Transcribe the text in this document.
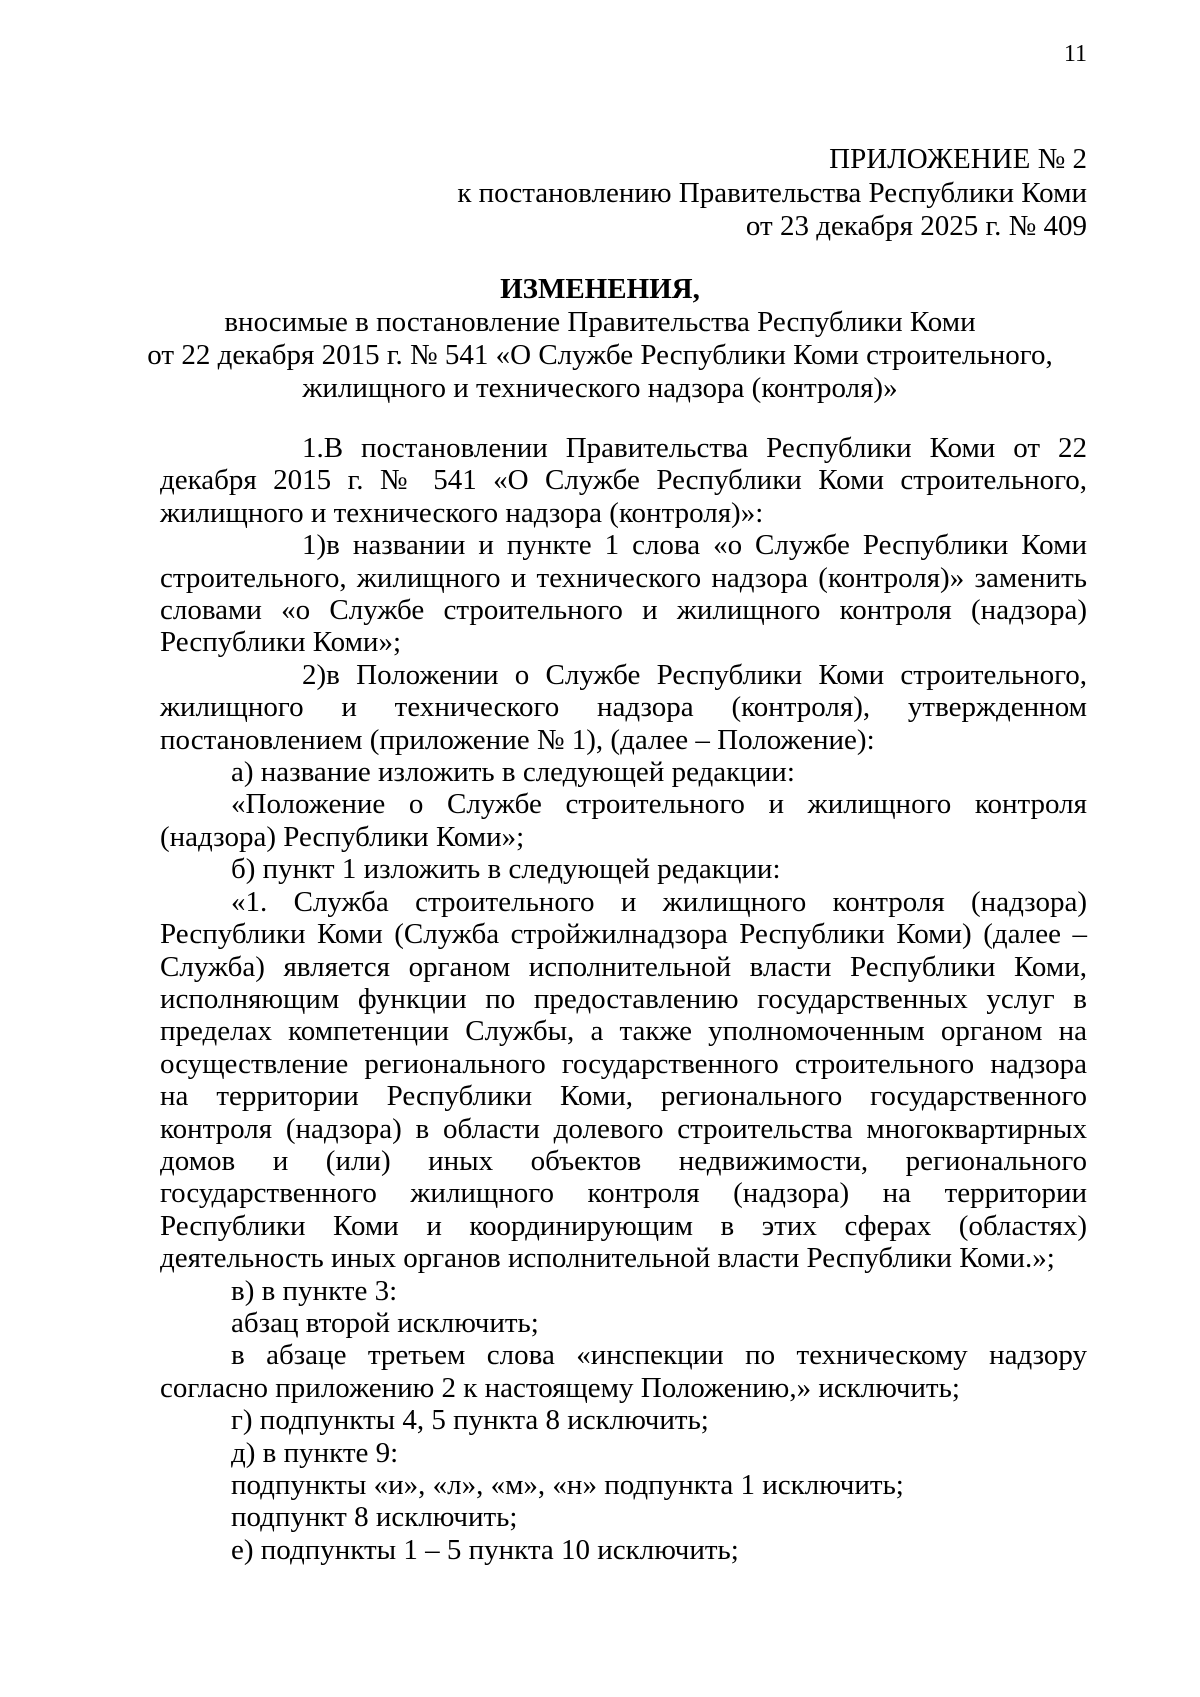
11
ПРИЛОЖЕНИЕ № 2
к постановлению Правительства Республики Коми
от 23 декабря 2025 г. № 409
ИЗМЕНЕНИЯ,
вносимые в постановление Правительства Республики Коми
от 22 декабря 2015 г. № 541 «О Службе Республики Коми строительного,
жилищного и технического надзора (контроля)»

1.В постановлении Правительства Республики Коми от 22 декабря 2015 г. № 541 «О Службе Республики Коми строительного, жилищного и технического надзора (контроля)»:

1)в названии и пункте 1 слова «о Службе Республики Коми строительного, жилищного и технического надзора (контроля)» заменить словами «о Службе строительного и жилищного контроля (надзора) Республики Коми»;

2)в Положении о Службе Республики Коми строительного, жилищного и технического надзора (контроля), утвержденном постановлением (приложение № 1), (далее – Положение):

а) название изложить в следующей редакции:

«Положение о Службе строительного и жилищного контроля (надзора) Республики Коми»;

б) пункт 1 изложить в следующей редакции:

«1. Служба строительного и жилищного контроля (надзора) Республики Коми (Служба стройжилнадзора Республики Коми) (далее – Служба) является органом исполнительной власти Республики Коми, исполняющим функции по предоставлению государственных услуг в пределах компетенции Службы, а также уполномоченным органом на осуществление регионального государственного строительного надзора на территории Республики Коми, регионального государственного контроля (надзора) в области долевого строительства многоквартирных домов и (или) иных объектов недвижимости, регионального государственного жилищного контроля (надзора) на территории Республики Коми и координирующим в этих сферах (областях) деятельность иных органов исполнительной власти Республики Коми.»;

в) в пункте 3:

абзац второй исключить;

в абзаце третьем слова «инспекции по техническому надзору согласно приложению 2 к настоящему Положению,» исключить;

г) подпункты 4, 5 пункта 8 исключить;

д) в пункте 9:

подпункты «и», «л», «м», «н» подпункта 1 исключить;

подпункт 8 исключить;

е) подпункты 1 – 5 пункта 10 исключить;
